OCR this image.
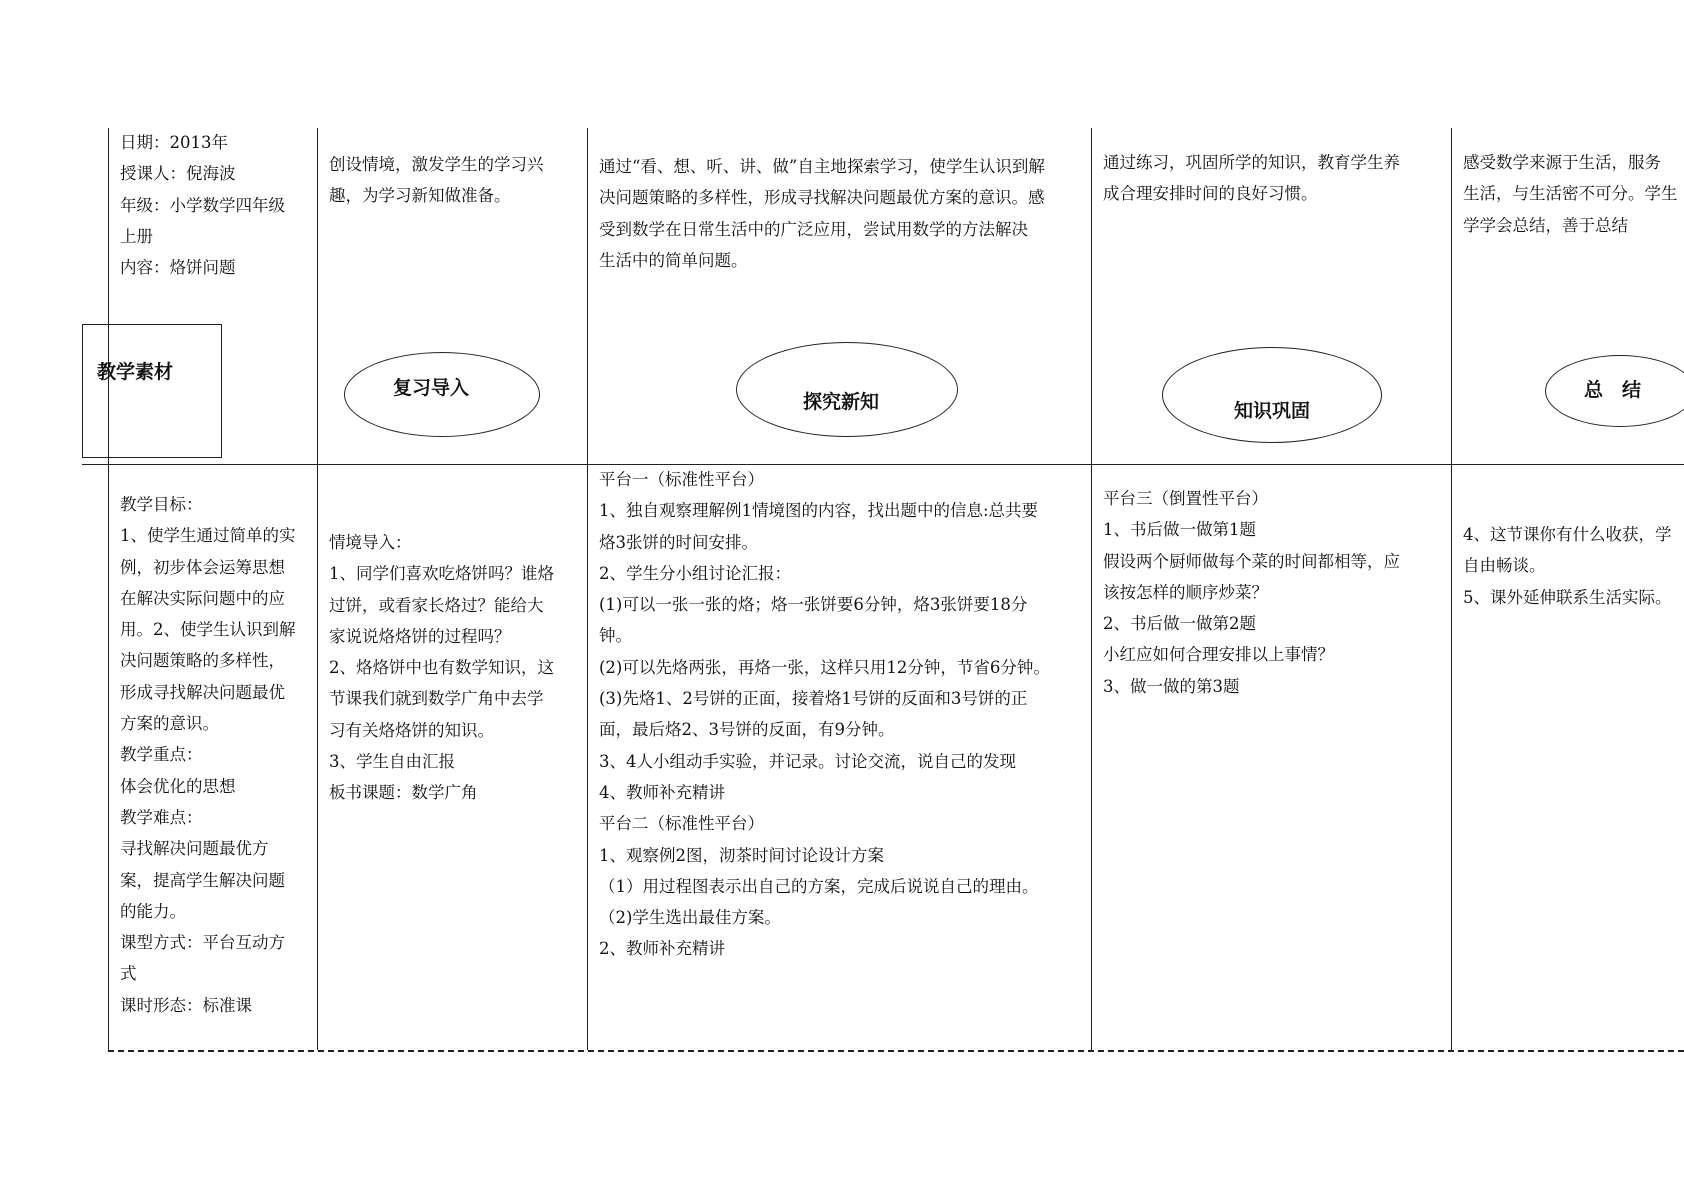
日期：2013年

授课人：倪海波

年级：小学数学四年级

上册

内容：烙饼问题

创设情境，激发学生的学习兴

趣，为学习新知做准备。

通过“看、想、听、讲、做”自主地探索学习，使学生认识到解

决问题策略的多样性，形成寻找解决问题最优方案的意识。感

受到数学在日常生活中的广泛应用，尝试用数学的方法解决

生活中的简单问题。

通过练习，巩固所学的知识，教育学生养

成合理安排时间的良好习惯。

感受数学来源于生活，服务

生活，与生活密不可分。学生

学学会总结，善于总结

教学素材
复习导入
探究新知	知识巩固
总　结

教学目标：

1、使学生通过简单的实

例，初步体会运筹思想

在解决实际问题中的应

用。2、使学生认识到解

决问题策略的多样性，

形成寻找解决问题最优

方案的意识。

教学重点：

体会优化的思想

教学难点：

寻找解决问题最优方

案，提高学生解决问题

的能力。

课型方式：平台互动方

式

课时形态：标准课

情境导入：

1、同学们喜欢吃烙饼吗？谁烙

过饼，或看家长烙过？能给大

家说说烙烙饼的过程吗？

2、烙烙饼中也有数学知识，这

节课我们就到数学广角中去学

习有关烙烙饼的知识。

3、学生自由汇报

板书课题：数学广角

平台一（标准性平台）

1、独自观察理解例1情境图的内容，找出题中的信息:总共要

烙3张饼的时间安排。

2、学生分小组讨论汇报：

(1)可以一张一张的烙；烙一张饼要6分钟，烙3张饼要18分

钟。

(2)可以先烙两张，再烙一张，这样只用12分钟，节省6分钟。

(3)先烙1、2号饼的正面，接着烙1号饼的反面和3号饼的正

面，最后烙2、3号饼的反面，有9分钟。

3、4人小组动手实验，并记录。讨论交流，说自己的发现

4、教师补充精讲

平台二（标准性平台）

1、观察例2图，沏茶时间讨论设计方案

（1）用过程图表示出自己的方案，完成后说说自己的理由。

（2)学生选出最佳方案。

2、教师补充精讲

平台三（倒置性平台）

1、书后做一做第1题

假设两个厨师做每个菜的时间都相等，应

该按怎样的顺序炒菜？

2、书后做一做第2题

小红应如何合理安排以上事情？

3、做一做的第3题

4、这节课你有什么收获，学

自由畅谈。

5、课外延伸联系生活实际。
